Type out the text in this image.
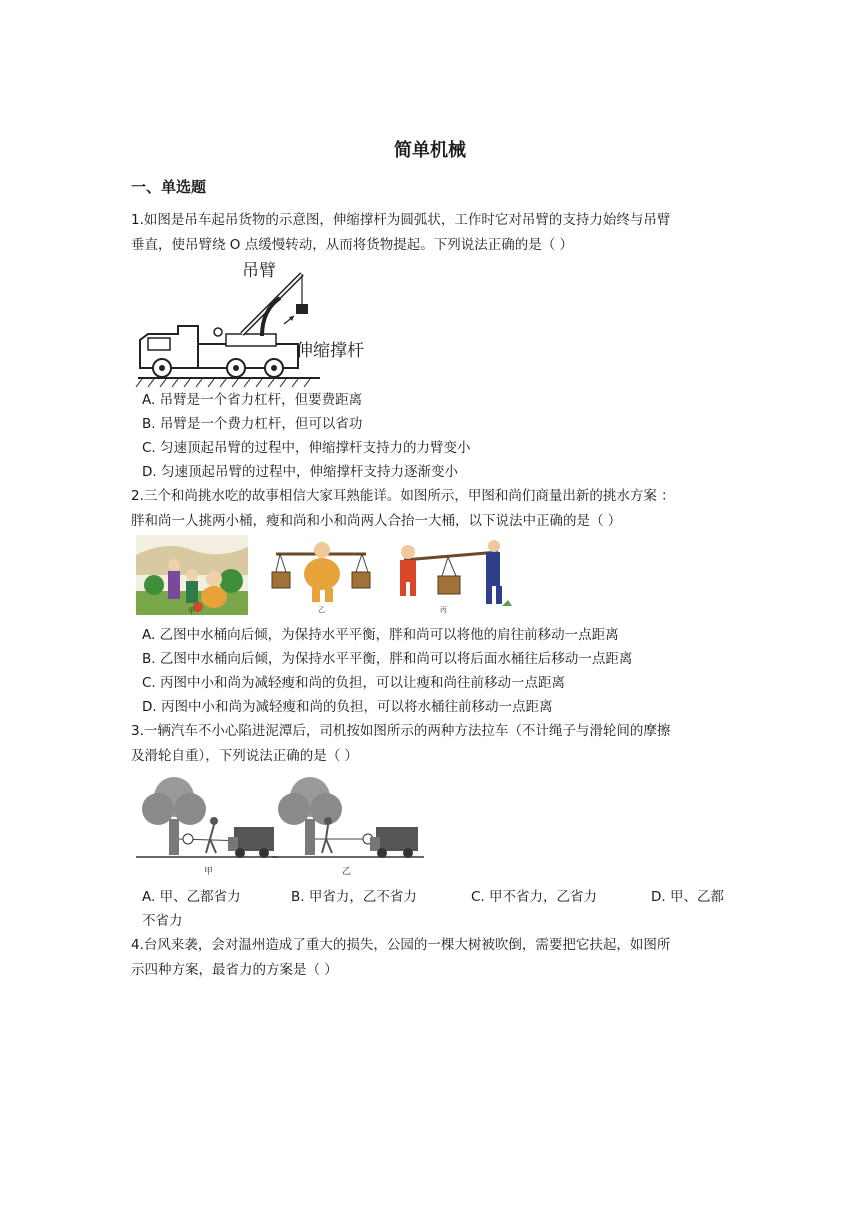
简单机械
一、单选题
1.如图是吊车起吊货物的示意图，伸缩撑杆为圆弧状，工作时它对吊臂的支持力始终与吊臂
垂直，使吊臂绕 O 点缓慢转动，从而将货物提起。下列说法正确的是（ ）
吊臂
伸缩撑杆
A. 吊臂是一个省力杠杆，但要费距离
B. 吊臂是一个费力杠杆，但可以省功
C. 匀速顶起吊臂的过程中，伸缩撑杆支持力的力臂变小
D. 匀速顶起吊臂的过程中，伸缩撑杆支持力逐渐变小
2.三个和尚挑水吃的故事相信大家耳熟能详。如图所示，甲图和尚们商量出新的挑水方案 ：
胖和尚一人挑两小桶，瘦和尚和小和尚两人合抬一大桶，以下说法中正确的是（ ）
甲	乙	丙
A. 乙图中水桶向后倾，为保持水平平衡，胖和尚可以将他的肩往前移动一点距离
B. 乙图中水桶向后倾，为保持水平平衡，胖和尚可以将后面水桶往后移动一点距离
C. 丙图中小和尚为减轻瘦和尚的负担，可以让瘦和尚往前移动一点距离
D. 丙图中小和尚为减轻瘦和尚的负担，可以将水桶往前移动一点距离
3.一辆汽车不小心陷进泥潭后，司机按如图所示的两种方法拉车（不计绳子与滑轮间的摩擦
及滑轮自重），下列说法正确的是（ ）
甲	乙
A. 甲、乙都省力	B. 甲省力，乙不省力	C. 甲不省力，乙省力	D. 甲、乙都
不省力
4.台风来袭，会对温州造成了重大的损失，公园的一棵大树被吹倒，需要把它扶起，如图所
示四种方案，最省力的方案是（ ）
